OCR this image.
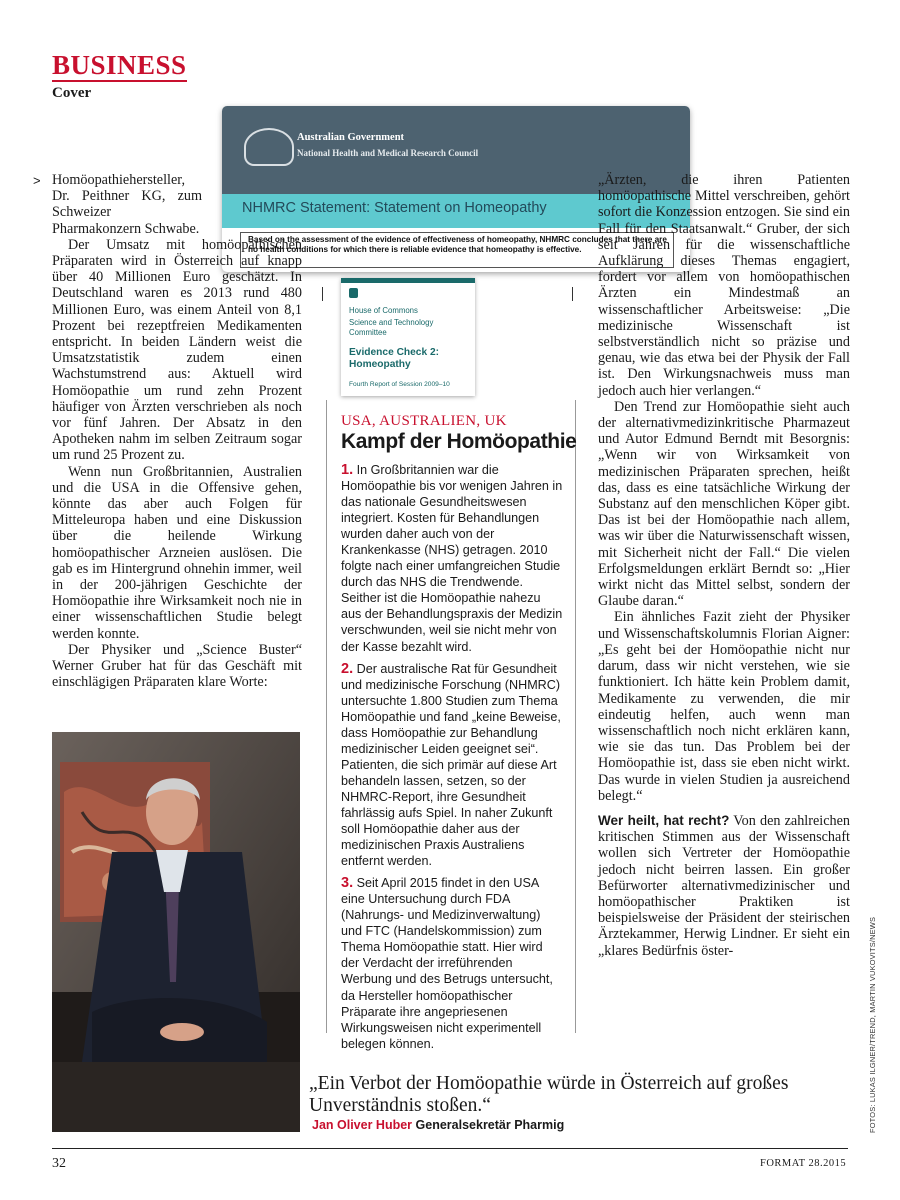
BUSINESS
Cover
Australian Government
National Health and Medical Research Council
NHMRC Statement: Statement on Homeopathy
Based on the assessment of the evidence of effectiveness of homeopathy, NHMRC concludes that there are no health conditions for which there is reliable evidence that homeopathy is effective.
> Homöopathiehersteller, Dr. Peithner KG, zum Schweizer Pharmakonzern Schwabe.

Der Umsatz mit homöopathischen Präparaten wird in Österreich auf knapp über 40 Millionen Euro geschätzt. In Deutschland waren es 2013 rund 480 Millionen Euro, was einem Anteil von 8,1 Prozent bei rezeptfreien Medikamenten entspricht. In beiden Ländern weist die Umsatzstatistik zudem einen Wachstumstrend aus: Aktuell wird Homöopathie um rund zehn Prozent häufiger von Ärzten verschrieben als noch vor fünf Jahren. Der Absatz in den Apotheken nahm im selben Zeitraum sogar um rund 25 Prozent zu.

Wenn nun Großbritannien, Australien und die USA in die Offensive gehen, könnte das aber auch Folgen für Mitteleuropa haben und eine Diskussion über die heilende Wirkung homöopathischer Arzneien auslösen. Die gab es im Hintergrund ohnehin immer, weil in der 200-jährigen Geschichte der Homöopathie ihre Wirksamkeit noch nie in einer wissenschaftlichen Studie belegt werden konnte.

Der Physiker und „Science Buster“ Werner Gruber hat für das Geschäft mit einschlägigen Präparaten klare Worte:

House of Commons
Science and Technology Committee
Evidence Check 2: Homeopathy
Fourth Report of Session 2009–10
USA, AUSTRALIEN, UK
Kampf der Homöopathie

1. In Großbritannien war die Homöopathie bis vor wenigen Jahren in das nationale Gesundheitswesen integriert. Kosten für Behandlungen wurden daher auch von der Krankenkasse (NHS) getragen. 2010 folgte nach einer umfangreichen Studie durch das NHS die Trendwende. Seither ist die Homöopathie nahezu aus der Behandlungspraxis der Medizin verschwunden, weil sie nicht mehr von der Kasse bezahlt wird.

2. Der australische Rat für Gesundheit und medizinische Forschung (NHMRC) untersuchte 1.800 Studien zum Thema Homöopathie und fand „keine Beweise, dass Homöopathie zur Behandlung medizinischer Leiden geeignet sei“. Patienten, die sich primär auf diese Art behandeln lassen, setzen, so der NHMRC-Report, ihre Gesundheit fahrlässig aufs Spiel. In naher Zukunft soll Homöopathie daher aus der medizinischen Praxis Australiens entfernt werden.

3. Seit April 2015 findet in den USA eine Untersuchung durch FDA (Nahrungs- und Medizinverwaltung) und FTC (Handelskommission) zum Thema Homöopathie statt. Hier wird der Verdacht der irreführenden Werbung und des Betrugs untersucht, da Hersteller homöopathischer Präparate ihre angepriesenen Wirkungsweisen nicht experimentell belegen können.

„Ärzten, die ihren Patienten homöopathische Mittel verschreiben, gehört sofort die Konzession entzogen. Sie sind ein Fall für den Staatsanwalt.“ Gruber, der sich seit Jahren für die wissenschaftliche Aufklärung dieses Themas engagiert, fordert vor allem von homöopathischen Ärzten ein Mindestmaß an wissenschaftlicher Arbeitsweise: „Die medizinische Wissenschaft ist selbstverständlich nicht so präzise und genau, wie das etwa bei der Physik der Fall ist. Den Wirkungsnachweis muss man jedoch auch hier verlangen.“

Den Trend zur Homöopathie sieht auch der alternativmedizinkritische Pharmazeut und Autor Edmund Berndt mit Besorgnis: „Wenn wir von Wirksamkeit von medizinischen Präparaten sprechen, heißt das, dass es eine tatsächliche Wirkung der Substanz auf den menschlichen Köper gibt. Das ist bei der Homöopathie nach allem, was wir über die Naturwissenschaft wissen, mit Sicherheit nicht der Fall.“ Die vielen Erfolgsmeldungen erklärt Berndt so: „Hier wirkt nicht das Mittel selbst, sondern der Glaube daran.“

Ein ähnliches Fazit zieht der Physiker und Wissenschaftskolumnis Florian Aigner: „Es geht bei der Homöopathie nicht nur darum, dass wir nicht verstehen, wie sie funktioniert. Ich hätte kein Problem damit, Medikamente zu verwenden, die mir eindeutig helfen, auch wenn man wissenschaftlich noch nicht erklären kann, wie sie das tun. Das Problem bei der Homöopathie ist, dass sie eben nicht wirkt. Das wurde in vielen Studien ja ausreichend belegt.“

Wer heilt, hat recht? Von den zahlreichen kritischen Stimmen aus der Wissenschaft wollen sich Vertreter der Homöopathie jedoch nicht beirren lassen. Ein großer Befürworter alternativmedizinischer und homöopathischer Praktiken ist beispielsweise der Präsident der steirischen Ärztekammer, Herwig Lindner. Er sieht ein „klares Bedürfnis öster-

„Ein Verbot der Homöopathie würde in Österreich auf großes Unverständnis stoßen.“
Jan Oliver Huber Generalsekretär Pharmig
32	FORMAT 28.2015
FOTOS: LUKAS ILGNER/TREND, MARTIN VUKOVITS/NEWS
